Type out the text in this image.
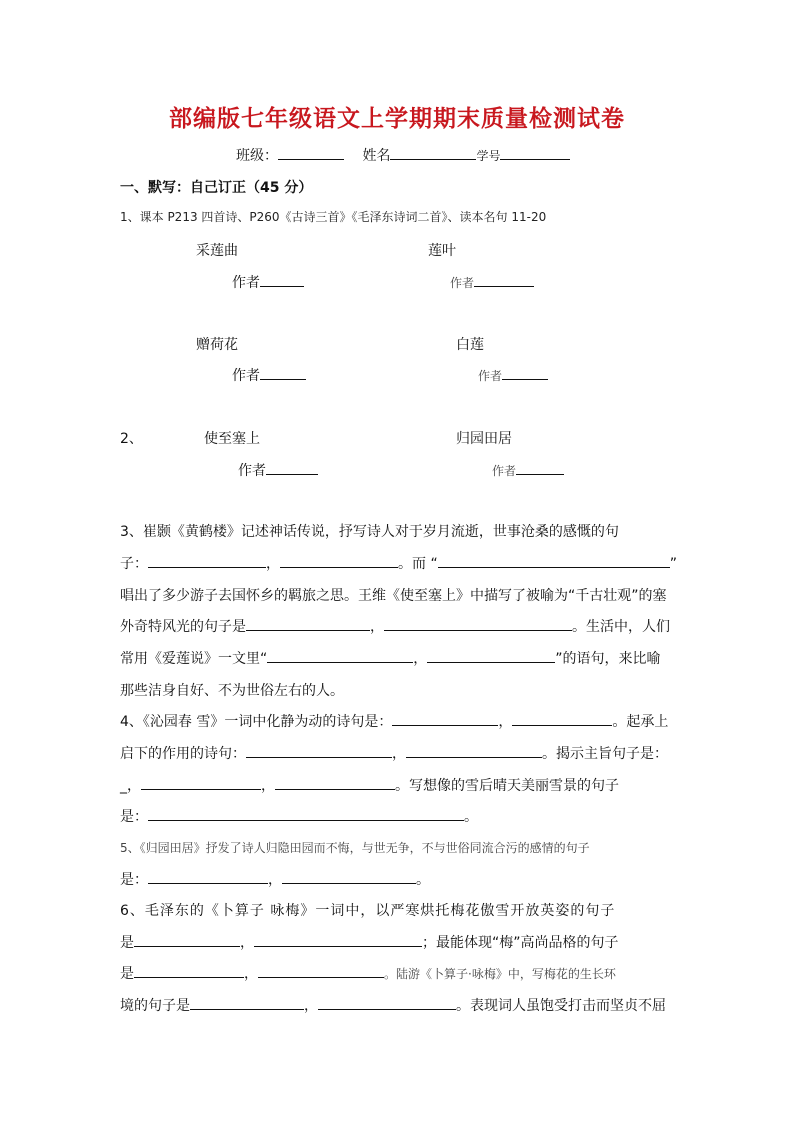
部编版七年级语文上学期期末质量检测试卷
班级：	姓名	学号
一、默写：自己订正（45 分）
1、课本 P213 四首诗、P260《古诗三首》《毛泽东诗词二首》、读本名句 11-20
采莲曲	莲叶
作者	作者
赠荷花	白莲
作者	作者
2、	使至塞上	归园田居
作者	作者
3、崔颢《黄鹤楼》记述神话传说，抒写诗人对于岁月流逝，世事沧桑的感慨的句
子：	，	。而 “	”
唱出了多少游子去国怀乡的羁旅之思。王维《使至塞上》中描写了被喻为“千古壮观”的塞
外奇特风光的句子是	，	。生活中，人们
常用《爱莲说》一文里“	，	”的语句，来比喻
那些洁身自好、不为世俗左右的人。
4、《沁园春 雪》一词中化静为动的诗句是：	，	。起承上
启下的作用的诗句：	，	。揭示主旨句子是：
_，	，	。写想像的雪后晴天美丽雪景的句子
是：	。
5、《归园田居》抒发了诗人归隐田园而不悔，与世无争，不与世俗同流合污的感情的句子
是：	，	。
6、毛泽东的《卜算子 咏梅》一词中，以严寒烘托梅花傲雪开放英姿的句子
是	，	；最能体现“梅”高尚品格的句子
是	，	。陆游《卜算子·咏梅》中，写梅花的生长环
境的句子是	，	。表现词人虽饱受打击而坚贞不屈
